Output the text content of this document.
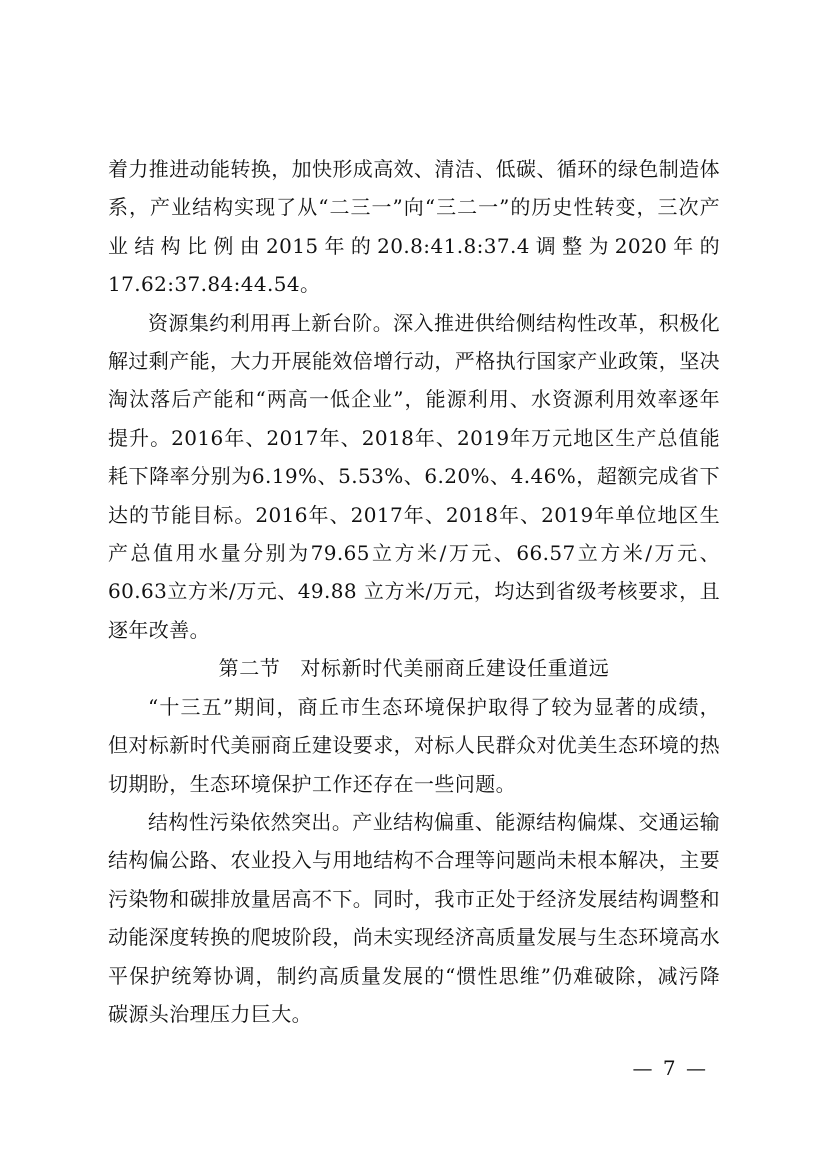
着力推进动能转换，加快形成高效、清洁、低碳、循环的绿色制造体系，产业结构实现了从“二三一”向“三二一”的历史性转变，三次产业结构比例由2015年的20.8:41.8:37.4调整为2020年的17.62:37.84:44.54。

资源集约利用再上新台阶。深入推进供给侧结构性改革，积极化解过剩产能，大力开展能效倍增行动，严格执行国家产业政策，坚决淘汰落后产能和“两高一低企业”，能源利用、水资源利用效率逐年提升。2016年、2017年、2018年、2019年万元地区生产总值能耗下降率分别为6.19%、5.53%、6.20%、4.46%，超额完成省下达的节能目标。2016年、2017年、2018年、2019年单位地区生产总值用水量分别为79.65立方米/万元、66.57立方米/万元、60.63立方米/万元、49.88 立方米/万元，均达到省级考核要求，且逐年改善。

第二节 对标新时代美丽商丘建设任重道远

“十三五”期间，商丘市生态环境保护取得了较为显著的成绩，但对标新时代美丽商丘建设要求，对标人民群众对优美生态环境的热切期盼，生态环境保护工作还存在一些问题。

结构性污染依然突出。产业结构偏重、能源结构偏煤、交通运输结构偏公路、农业投入与用地结构不合理等问题尚未根本解决，主要污染物和碳排放量居高不下。同时，我市正处于经济发展结构调整和动能深度转换的爬坡阶段，尚未实现经济高质量发展与生态环境高水平保护统筹协调，制约高质量发展的“惯性思维”仍难破除，减污降碳源头治理压力巨大。

— 7 —
